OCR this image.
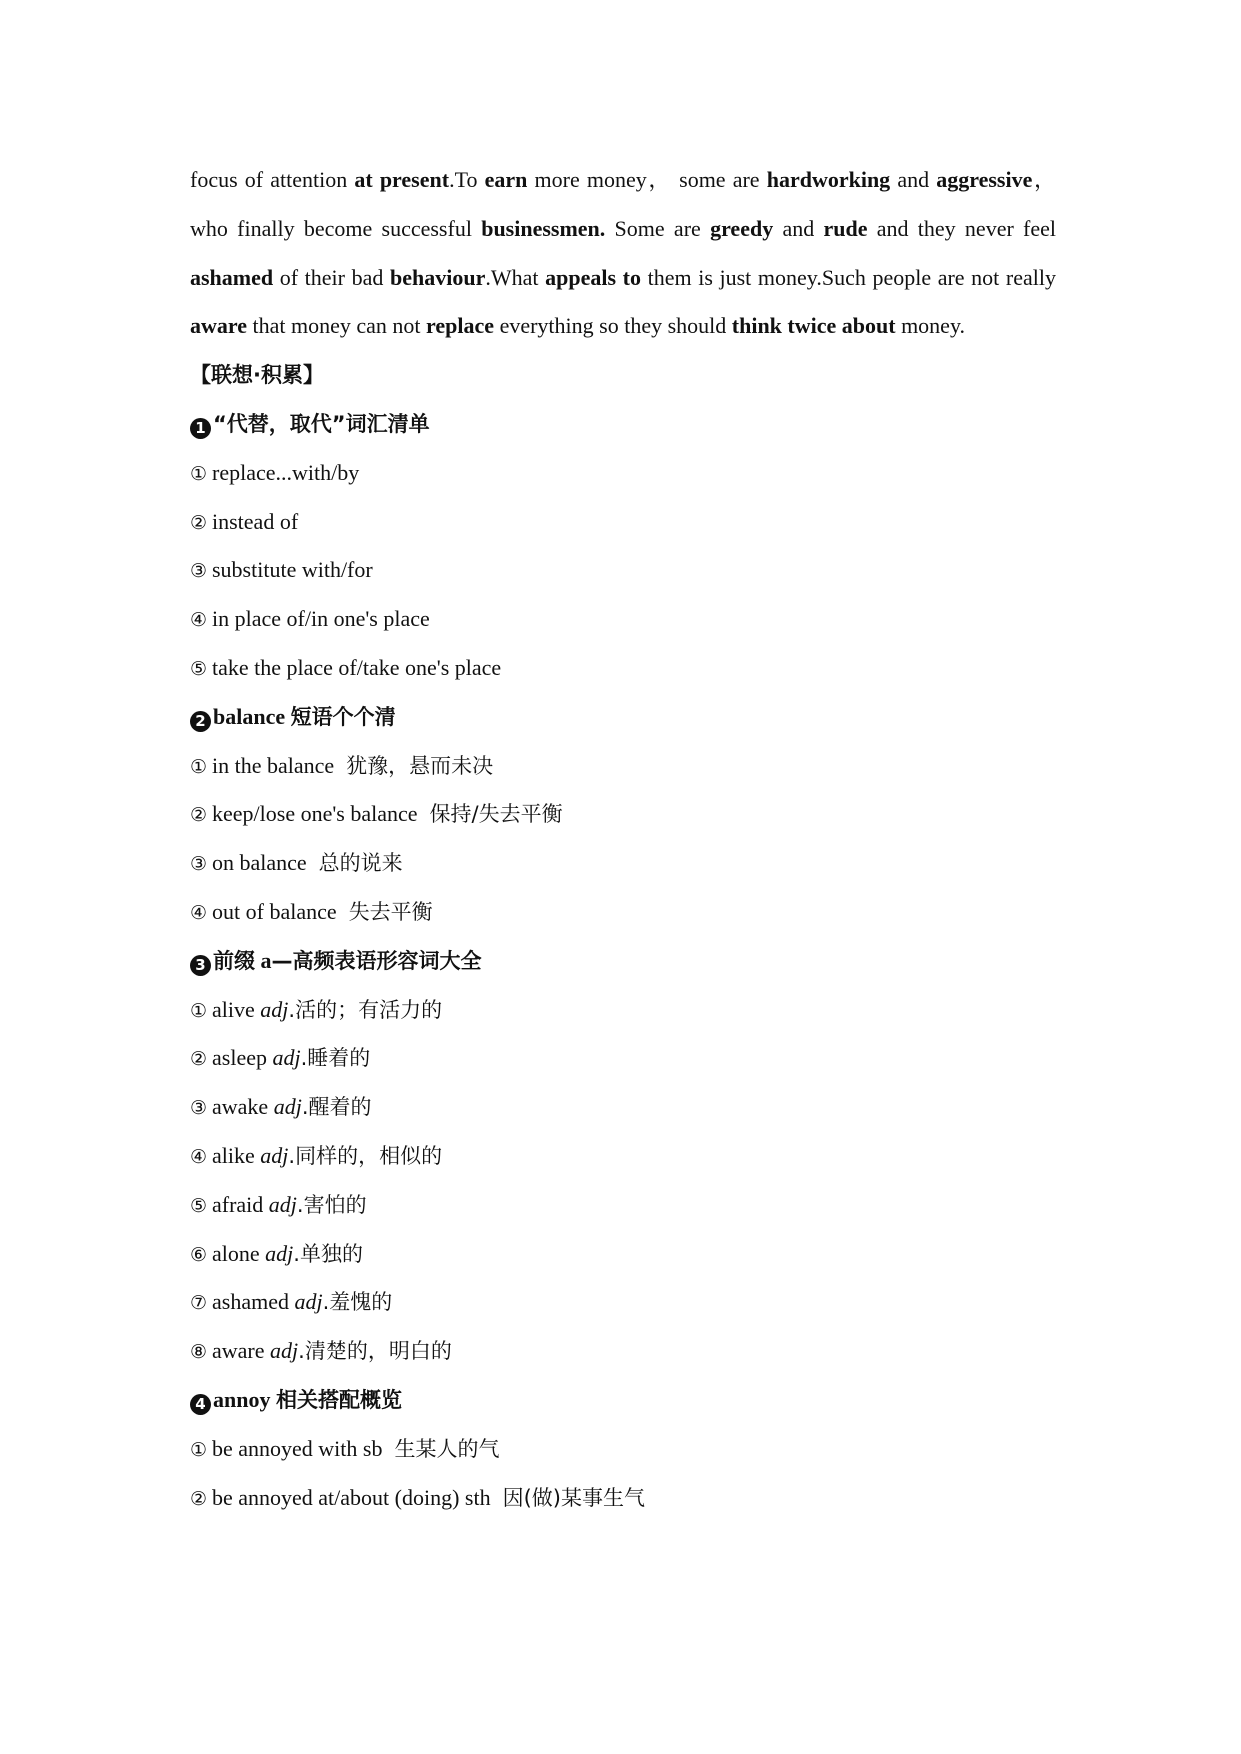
focus of attention at present.To earn more money， some are hardworking and aggressive，who finally become successful businessmen. Some are greedy and rude and they never feel ashamed of their bad behaviour.What appeals to them is just money.Such people are not really aware that money can not replace everything so they should think twice about money.

【联想·积累】
1 “代替，取代”词汇清单
① replace...with/by
② instead of
③ substitute with/for
④ in place of/in one's place
⑤ take the place of/take one's place
2 balance 短语个个清
① in the balance 犹豫，悬而未决
② keep/lose one's balance 保持/失去平衡
③ on balance 总的说来
④ out of balance 失去平衡
3 前缀 a—高频表语形容词大全
① alive adj.活的；有活力的
② asleep adj.睡着的
③ awake adj.醒着的
④ alike adj.同样的，相似的
⑤ afraid adj.害怕的
⑥ alone adj.单独的
⑦ ashamed adj.羞愧的
⑧ aware adj.清楚的，明白的
4 annoy 相关搭配概览
① be annoyed with sb 生某人的气
② be annoyed at/about (doing) sth 因(做)某事生气
